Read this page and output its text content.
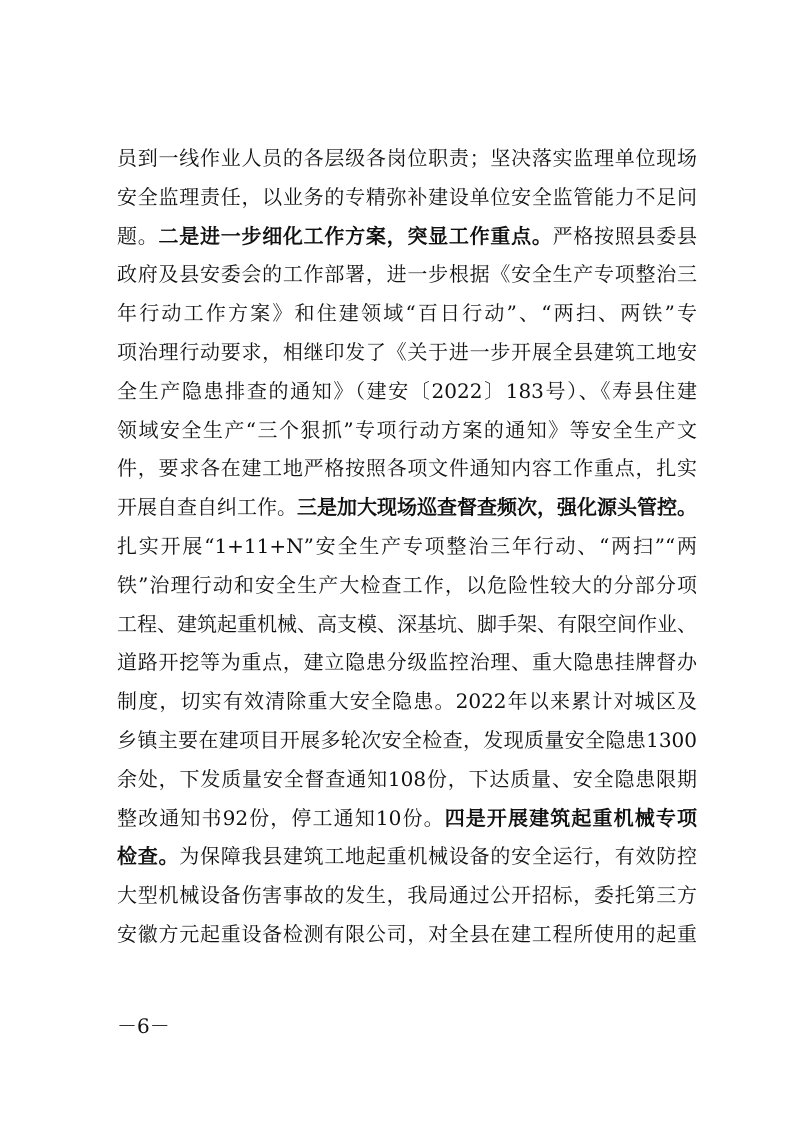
员到一线作业人员的各层级各岗位职责；坚决落实监理单位现场
安全监理责任，以业务的专精弥补建设单位安全监管能力不足问
题。二是进一步细化工作方案，突显工作重点。严格按照县委县
政府及县安委会的工作部署，进一步根据《安全生产专项整治三
年行动工作方案》和住建领域“百日行动”、“两扫、两铁”专
项治理行动要求，相继印发了《关于进一步开展全县建筑工地安
全生产隐患排查的通知》（建安〔2022〕183号）、《寿县住建
领域安全生产“三个狠抓”专项行动方案的通知》等安全生产文
件，要求各在建工地严格按照各项文件通知内容工作重点，扎实
开展自查自纠工作。三是加大现场巡查督查频次，强化源头管控。
扎实开展“1+11+N”安全生产专项整治三年行动、“两扫”“两
铁”治理行动和安全生产大检查工作，以危险性较大的分部分项
工程、建筑起重机械、高支模、深基坑、脚手架、有限空间作业、
道路开挖等为重点，建立隐患分级监控治理、重大隐患挂牌督办
制度，切实有效清除重大安全隐患。2022年以来累计对城区及
乡镇主要在建项目开展多轮次安全检查，发现质量安全隐患1300
余处，下发质量安全督查通知108份，下达质量、安全隐患限期
整改通知书92份，停工通知10份。四是开展建筑起重机械专项
检查。为保障我县建筑工地起重机械设备的安全运行，有效防控
大型机械设备伤害事故的发生，我局通过公开招标，委托第三方
安徽方元起重设备检测有限公司，对全县在建工程所使用的起重
－6－
